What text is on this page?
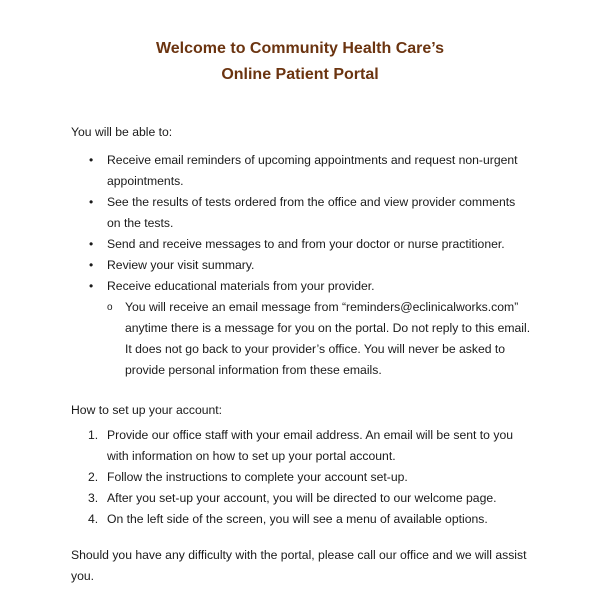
Welcome to Community Health Care’s
Online Patient Portal
You will be able to:
•	Receive email reminders of upcoming appointments and request non-urgent appointments.
•	See the results of tests ordered from the office and view provider comments on the tests.
•	Send and receive messages to and from your doctor or nurse practitioner.
•	Review your visit summary.
•	Receive educational materials from your provider.
o You will receive an email message from “reminders@eclinicalworks.com” anytime there is a message for you on the portal. Do not reply to this email. It does not go back to your provider’s office. You will never be asked to provide personal information from these emails.
How to set up your account:
1. Provide our office staff with your email address. An email will be sent to you with information on how to set up your portal account.
2. Follow the instructions to complete your account set-up.
3. After you set-up your account, you will be directed to our welcome page.
4. On the left side of the screen, you will see a menu of available options.
Should you have any difficulty with the portal, please call our office and we will assist you.
